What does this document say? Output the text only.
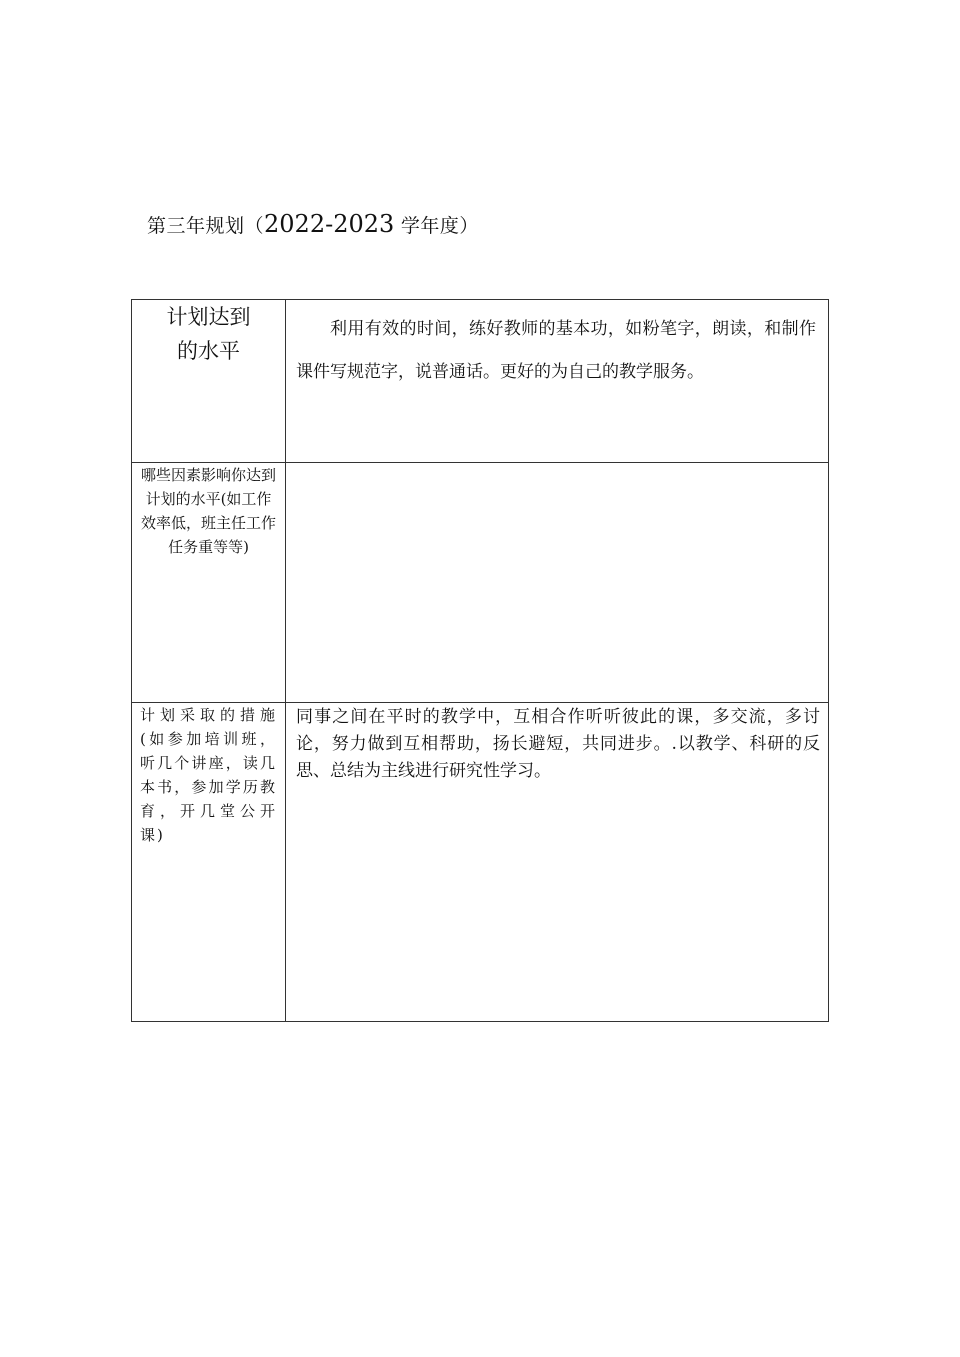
第三年规划（2022-2023 学年度）
计划达到
的水平	利用有效的时间，练好教师的基本功，如粉笔字，朗读，和制作课件写规范字，说普通话。更好的为自己的教学服务。

哪些因素影响你达到计划的水平(如工作效率低，班主任工作任务重等等)	

计划采取的措施(如参加培训班，听几个讲座，读几本书，参加学历教育，开几堂公开课)	同事之间在平时的教学中，互相合作听听彼此的课，多交流，多讨论，努力做到互相帮助，扬长避短，共同进步。.以教学、科研的反思、总结为主线进行研究性学习。
